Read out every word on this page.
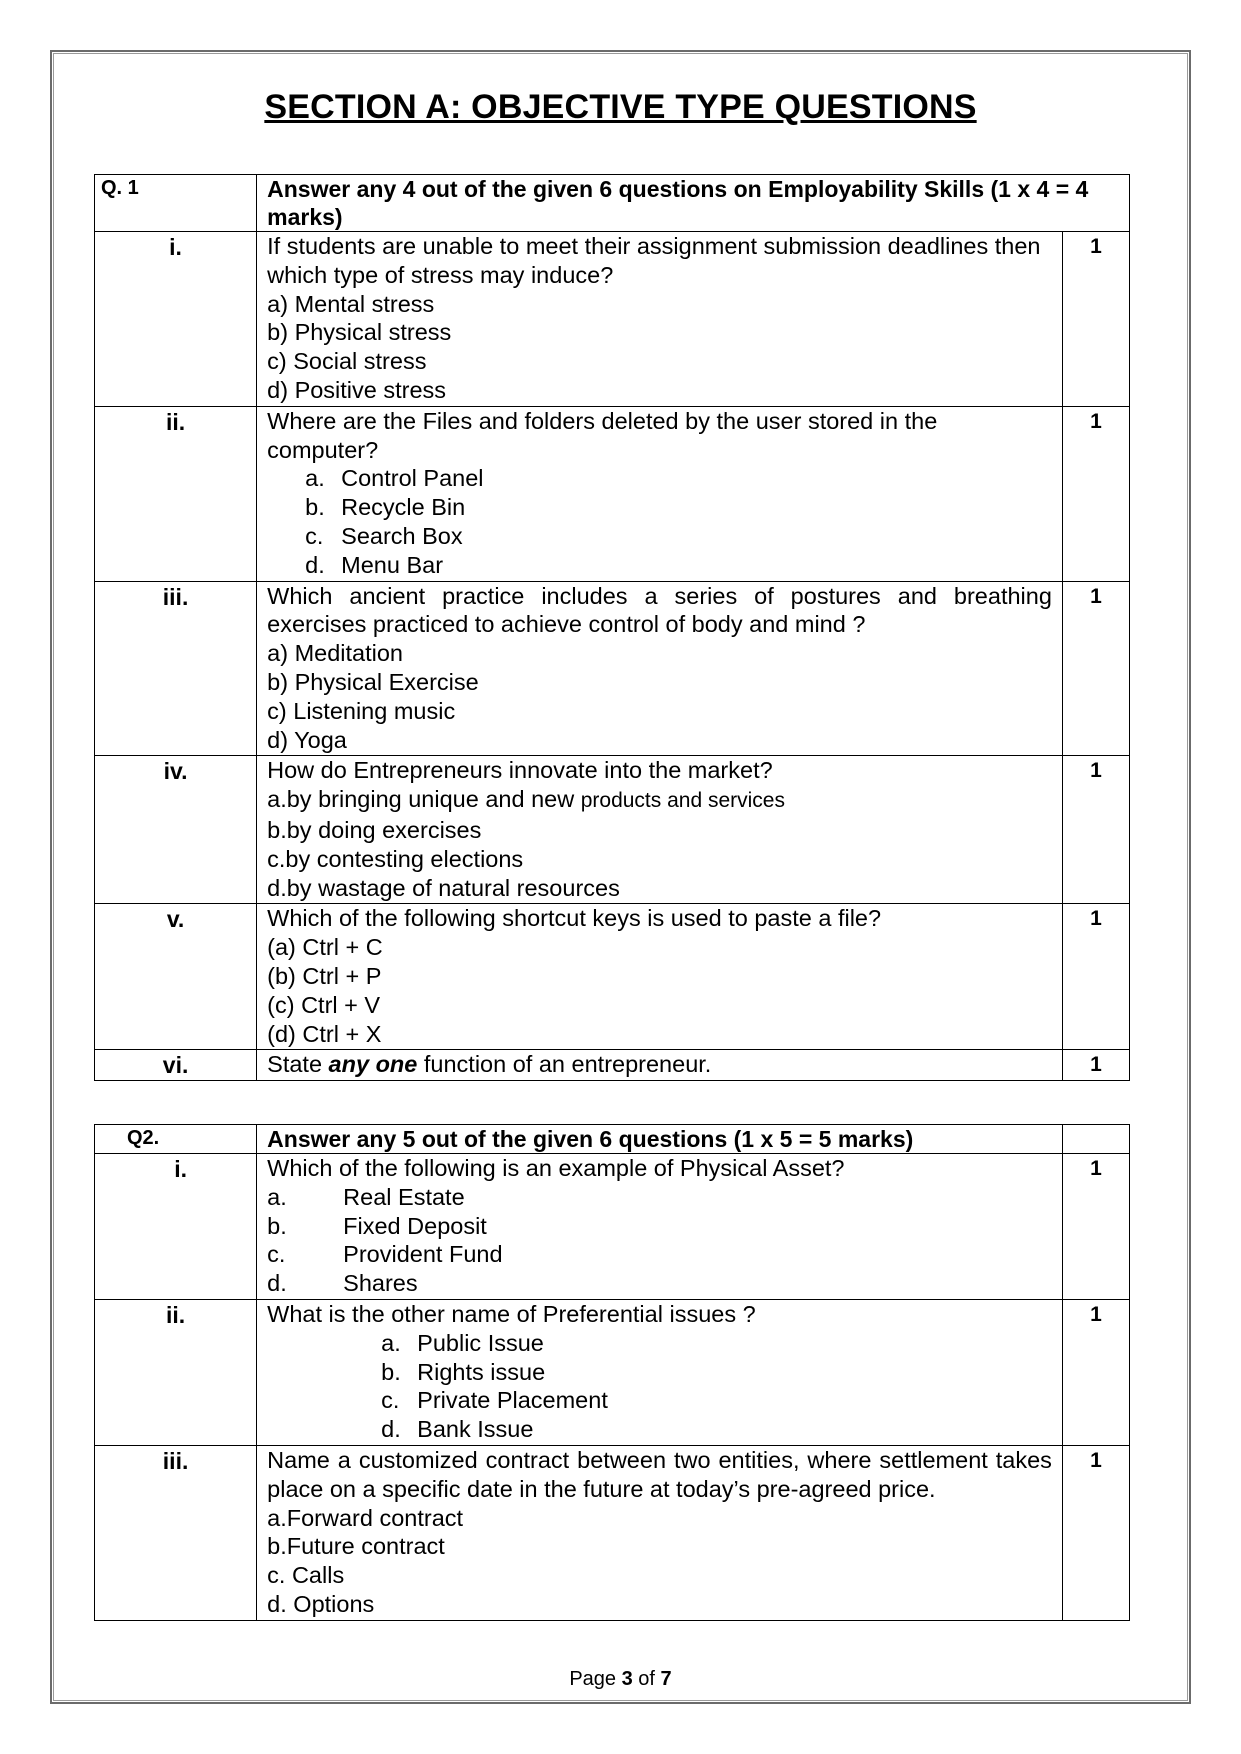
SECTION A: OBJECTIVE TYPE QUESTIONS
Q. 1	Answer any 4 out of the given 6 questions on Employability Skills (1 x 4 = 4 marks)	
i.	If students are unable to meet their assignment submission deadlines then which type of stress may induce?
a) Mental stress
b) Physical stress
c) Social stress
d) Positive stress	1
ii.	Where are the Files and folders deleted by the user stored in the computer?
a. Control Panel
b. Recycle Bin
c. Search Box
d. Menu Bar	1
iii.	Which ancient practice includes a series of postures and breathing exercises practiced to achieve control of body and mind ?
a) Meditation
b) Physical Exercise
c) Listening music
d) Yoga	1
iv.	How do Entrepreneurs innovate into the market?
a.by bringing unique and new products and services
b.by doing exercises
c.by contesting elections
d.by wastage of natural resources	1
v.	Which of the following shortcut keys is used to paste a file?
(a) Ctrl + C
(b) Ctrl + P
(c) Ctrl + V
(d) Ctrl + X	1
vi.	State any one function of an entrepreneur.	1
Q2.	Answer any 5 out of the given 6 questions (1 x 5 = 5 marks)	
i.	Which of the following is an example of Physical Asset?
a. Real Estate
b. Fixed Deposit
c. Provident Fund
d. Shares	1
ii.	What is the other name of Preferential issues ?
a. Public Issue
b. Rights issue
c. Private Placement
d. Bank Issue	1
iii.	Name a customized contract between two entities, where settlement takes place on a specific date in the future at today’s pre-agreed price.
a.Forward contract
b.Future contract
c. Calls
d. Options	1
Page 3 of 7
